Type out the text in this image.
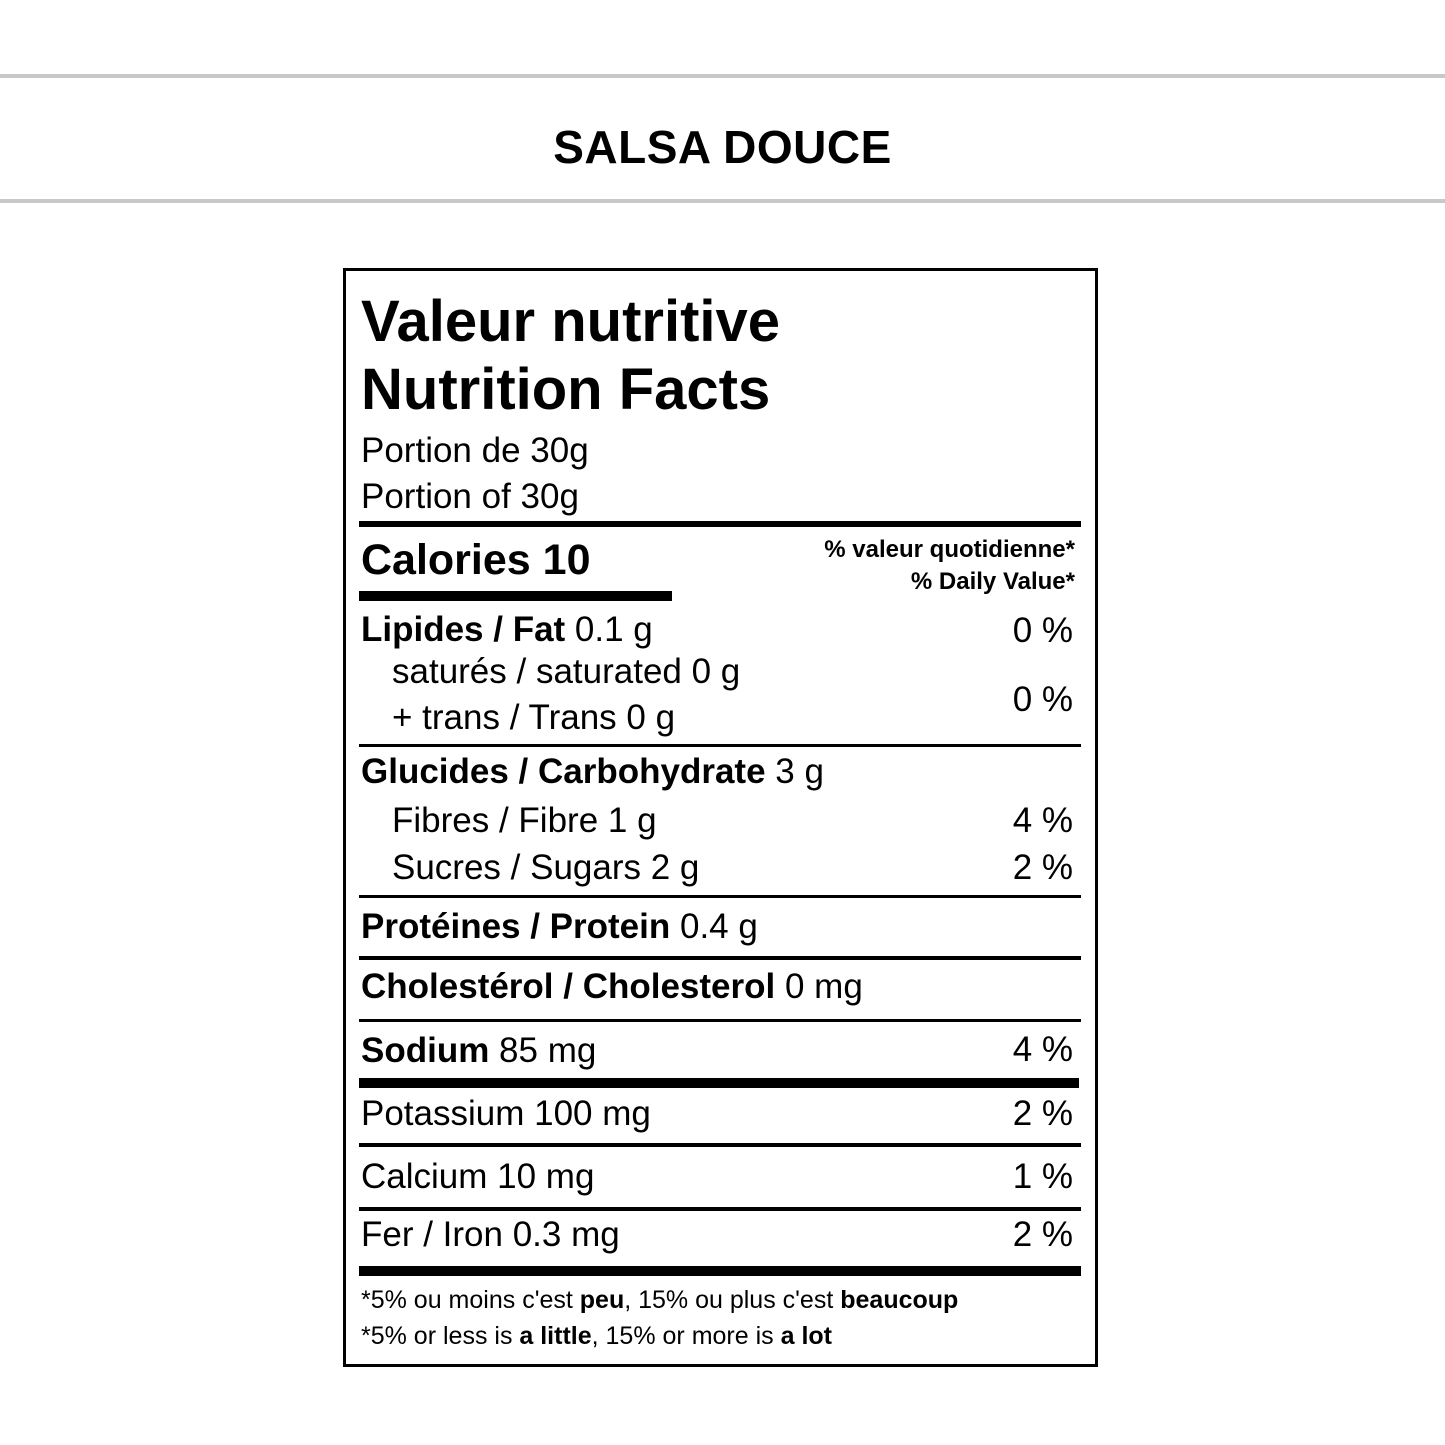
SALSA DOUCE
Valeur nutritive
Nutrition Facts
Portion de 30g
Portion of 30g
Calories 10	% valeur quotidienne*
% Daily Value*
Lipides / Fat 0.1 g	0 %
saturés / saturated 0 g
+ trans / Trans 0 g	0 %
Glucides / Carbohydrate 3 g
Fibres / Fibre 1 g	4 %
Sucres / Sugars 2 g	2 %
Protéines / Protein 0.4 g
Cholestérol / Cholesterol 0 mg
Sodium 85 mg	4 %
Potassium 100 mg	2 %
Calcium 10 mg	1 %
Fer / Iron 0.3 mg	2 %
*5% ou moins c'est peu, 15% ou plus c'est beaucoup
*5% or less is a little, 15% or more is a lot
